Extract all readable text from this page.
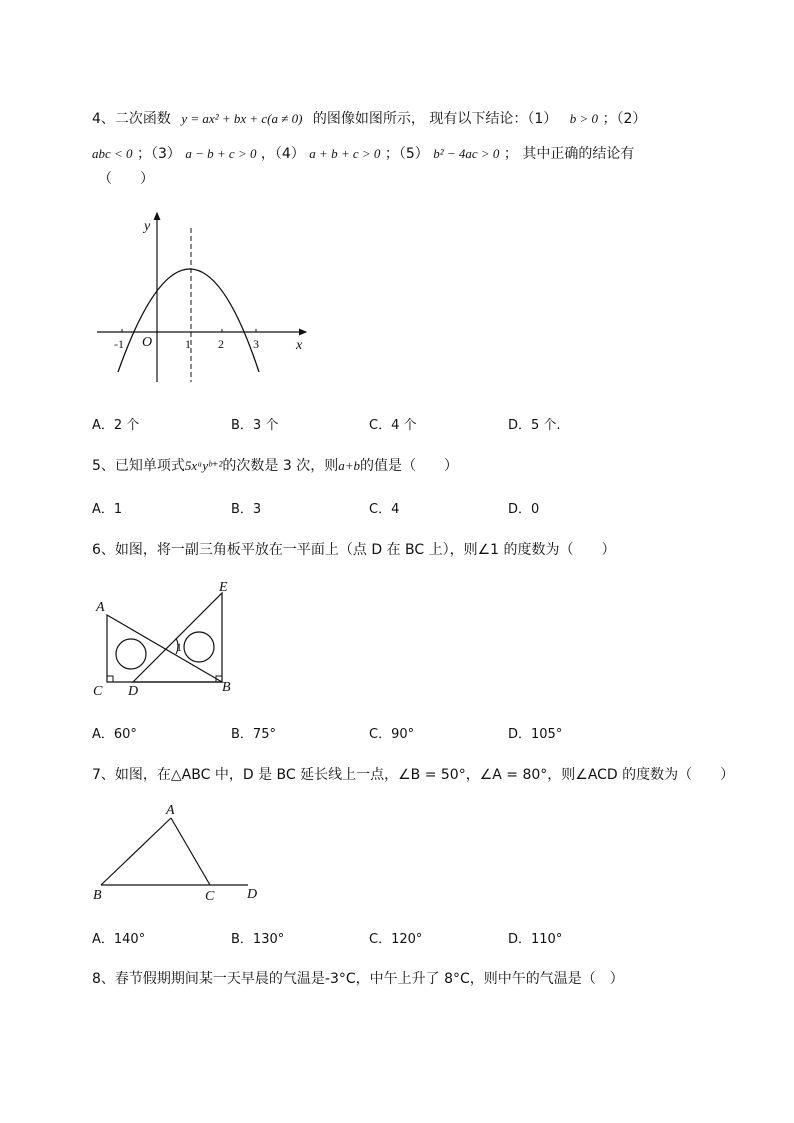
4、二次函数 y = ax² + bx + c(a ≠ 0) 的图像如图所示， 现有以下结论：（1） b > 0 ；（2）
abc < 0 ；（3） a − b + c > 0 ，（4） a + b + c > 0 ；（5） b² − 4ac > 0 ； 其中正确的结论有
（　　）
y
x
O
-1	1 2 3
A．2 个	B．3 个	C．4 个	D．5 个.
5、已知单项式5xᵃyᵇ⁺²的次数是 3 次，则a+b的值是（　　）
A．1	B．3	C．4	D．0
6、如图，将一副三角板平放在一平面上（点 D 在 BC 上），则∠1 的度数为（　　）
A
C D	B
E
1
A．60°	B．75°	C．90°	D．105°
7、如图，在△ABC 中，D 是 BC 延长线上一点，∠B = 50°，∠A = 80°，则∠ACD 的度数为（　　）
A
B	C D
A．140°	B．130°	C．120°	D．110°
8、春节假期期间某一天早晨的气温是-3°C，中午上升了 8°C，则中午的气温是（　）
